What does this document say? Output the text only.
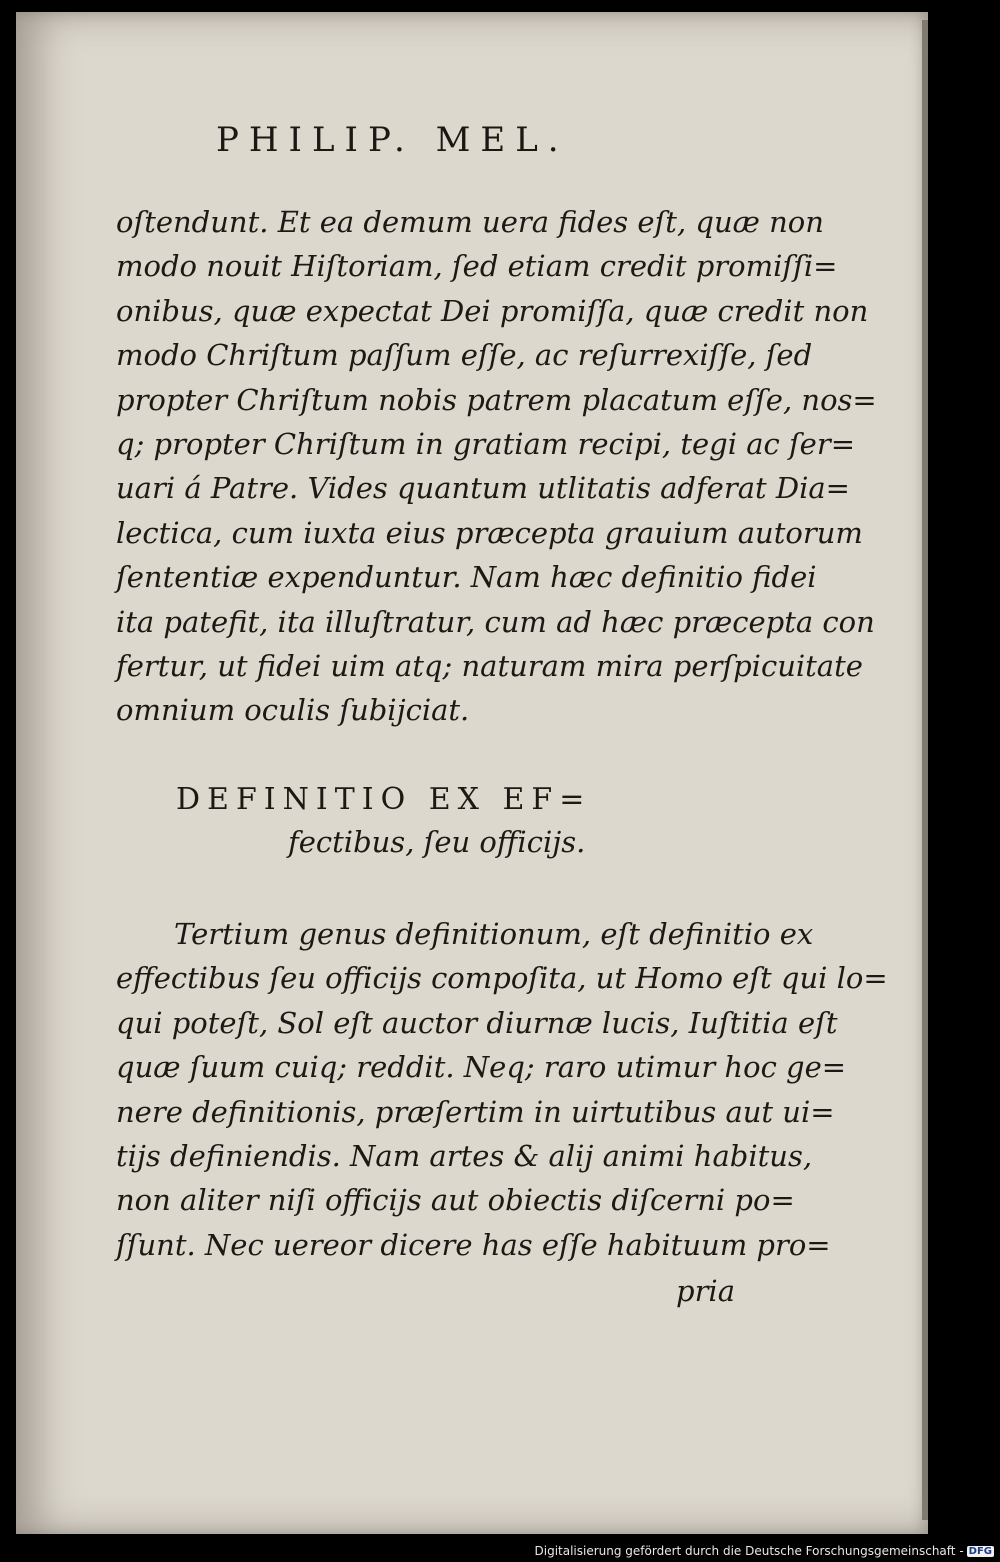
PHILIP. MEL.
oſtendunt. Et ea demum uera fides eſt, quæ non
modo nouit Hiſtoriam, ſed etiam credit promiſſi=
onibus, quæ expectat Dei promiſſa, quæ credit non
modo Chriſtum paſſum eſſe, ac reſurrexiſſe, ſed
propter Chriſtum nobis patrem placatum eſſe, nos=
q; propter Chriſtum in gratiam recipi, tegi ac ſer=
uari á Patre. Vides quantum utlitatis adferat Dia=
lectica, cum iuxta eius præcepta grauium autorum
ſententiæ expenduntur. Nam hæc definitio fidei
ita patefit, ita illuſtratur, cum ad hæc præcepta con
fertur, ut fidei uim atq; naturam mira perſpicuitate
omnium oculis ſubijciat.
DEFINITIO EX EF=
fectibus, ſeu officijs.
Tertium genus definitionum, eſt definitio ex
effectibus ſeu officijs compoſita, ut Homo eſt qui lo=
qui poteſt, Sol eſt auctor diurnæ lucis, Iuſtitia eſt
quæ ſuum cuiq; reddit. Neq; raro utimur hoc ge=
nere definitionis, præſertim in uirtutibus aut ui=
tijs definiendis. Nam artes & alij animi habitus,
non aliter niſi officijs aut obiectis diſcerni po=
ſſunt. Nec uereor dicere has eſſe habituum pro=
pria
Digitalisierung gefördert durch die Deutsche Forschungsgemeinschaft - DFG
